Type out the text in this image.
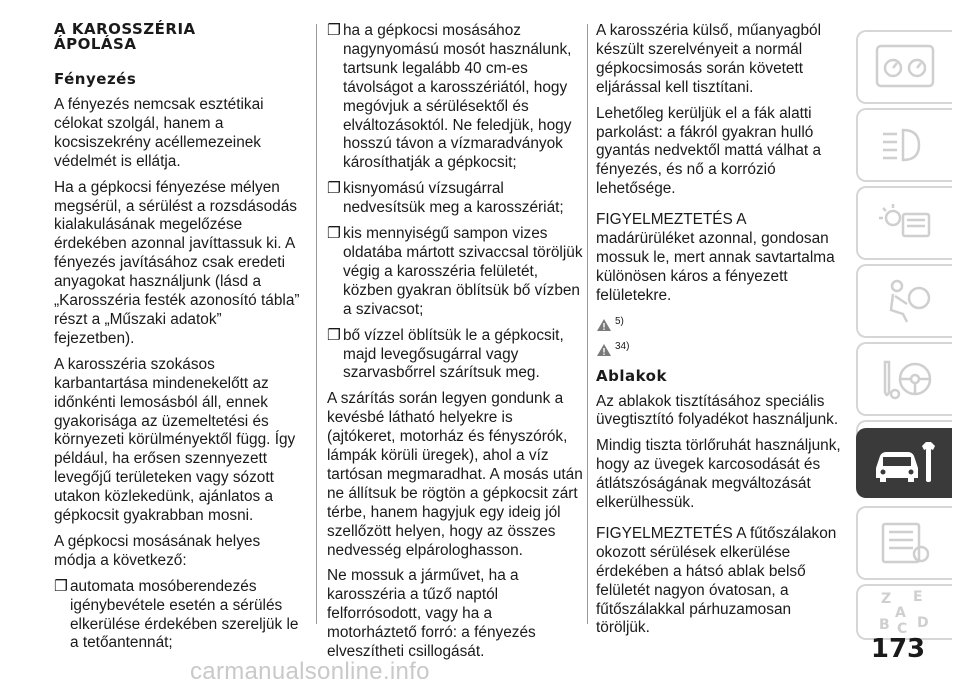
A KAROSSZÉRIA
ÁPOLÁSA
Fényezés

A fényezés nemcsak esztétikai célokat szolgál, hanem a kocsiszekrény acéllemezeinek védelmét is ellátja.

Ha a gépkocsi fényezése mélyen megsérül, a sérülést a rozsdásodás kialakulásának megelőzése érdekében azonnal javíttassuk ki. A fényezés javításához csak eredeti anyagokat használjunk (lásd a „Karosszéria festék azonosító tábla” részt a „Műszaki adatok” fejezetben).

A karosszéria szokásos karbantartása mindenekelőtt az időnkénti lemosásból áll, ennek gyakorisága az üzemeltetési és környezeti körülményektől függ. Így például, ha erősen szennyezett levegőjű területeken vagy sózott utakon közlekedünk, ajánlatos a gépkocsit gyakrabban mosni.

A gépkocsi mosásának helyes módja a következő:

❐ automata mosóberendezés igénybevétele esetén a sérülés elkerülése érdekében szereljük le a tetőantennát;
❐ ha a gépkocsi mosásához nagynyomású mosót használunk, tartsunk legalább 40 cm-es távolságot a karosszériától, hogy megóvjuk a sérülésektől és elváltozásoktól. Ne feledjük, hogy hosszú távon a vízmaradványok károsíthatják a gépkocsit;
❐ kisnyomású vízsugárral nedvesítsük meg a karosszériát;
❐ kis mennyiségű sampon vizes oldatába mártott szivaccsal töröljük végig a karosszéria felületét, közben gyakran öblítsük bő vízben a szivacsot;
❐ bő vízzel öblítsük le a gépkocsit, majd levegősugárral vagy szarvasbőrrel szárítsuk meg.

A szárítás során legyen gondunk a kevésbé látható helyekre is (ajtókeret, motorház és fényszórók, lámpák körüli üregek), ahol a víz tartósan megmaradhat. A mosás után ne állítsuk be rögtön a gépkocsit zárt térbe, hanem hagyjuk egy ideig jól szellőzött helyen, hogy az összes nedvesség elpárologhasson.

Ne mossuk a járművet, ha a karosszéria a tűző naptól felforrósodott, vagy ha a motorháztető forró: a fényezés elveszítheti csillogását.

A karosszéria külső, műanyagból készült szerelvényeit a normál gépkocsimosás során követett eljárással kell tisztítani.

Lehetőleg kerüljük el a fák alatti parkolást: a fákról gyakran hulló gyantás nedvektől mattá válhat a fényezés, és nő a korrózió lehetősége.

FIGYELMEZTETÉS A madárürüléket azonnal, gondosan mossuk le, mert annak savtartalma különösen káros a fényezett felületekre.

5)
34)
Ablakok

Az ablakok tisztításához speciális üvegtisztító folyadékot használjunk.

Mindig tiszta törlőruhát használjunk, hogy az üvegek karcosodását és átlátszóságának megváltozását elkerülhessük.

FIGYELMEZTETÉS A fűtőszálakon okozott sérülések elkerülése érdekében a hátsó ablak belső felületét nagyon óvatosan, a fűtőszálakkal párhuzamosan töröljük.

Z E
A
B C D
173
carmanualsonline.info
